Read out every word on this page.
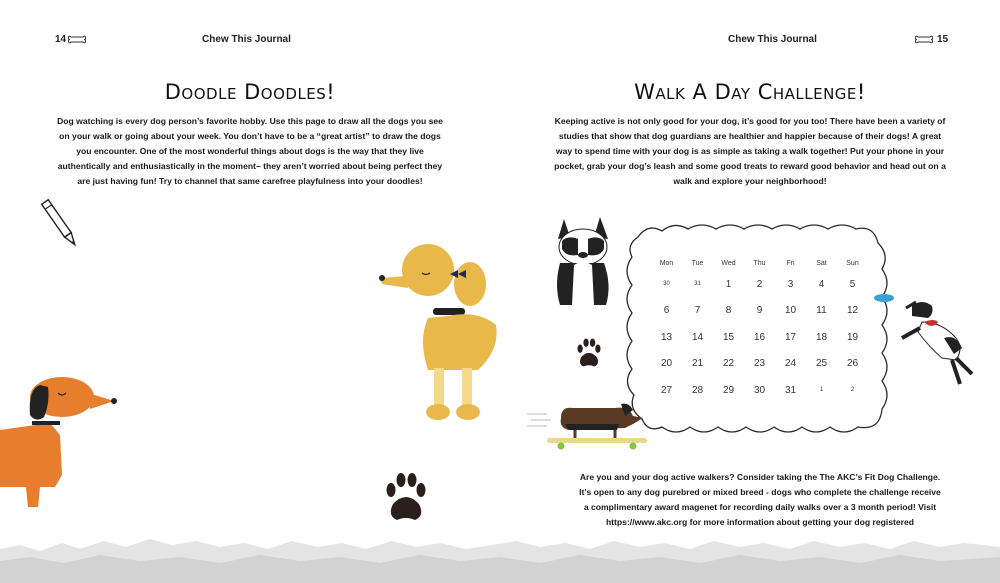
14	Chew This Journal
Doodle Doodles!
Dog watching is every dog person’s favorite hobby. Use this page to draw all the dogs you see on your walk or going about your week. You don’t have to be a “great artist” to draw the dogs you encounter. One of the most wonderful things about dogs is the way that they live authentically and enthusiastically in the moment– they aren’t worried about being perfect they are just having fun! Try to channel that same carefree playfulness into your doodles!
Chew This Journal	15
Walk A Day Challenge!
Keeping active is not only good for your dog, it’s good for you too! There have been a variety of studies that show that dog guardians are healthier and happier because of their dogs! A great way to spend time with your dog is as simple as taking a walk together! Put your phone in your pocket, grab your dog’s leash and some good treats to reward good behavior and head out on a walk and explore your neighborhood!
Mon	Tue	Wed	Thu	Fri	Sat	Sun
30	31	1	2	3	4	5
6	7	8	9	10	11	12
13	14	15	16	17	18	19
20	21	22	23	24	25	26
27	28	29	30	31	1	2
Are you and your dog active walkers? Consider taking the The AKC’s Fit Dog Challenge. It’s open to any dog purebred or mixed breed - dogs who complete the challenge receive a complimentary award magenet for recording daily walks over a 3 month period! Visit https://www.akc.org for more information about getting your dog registered
